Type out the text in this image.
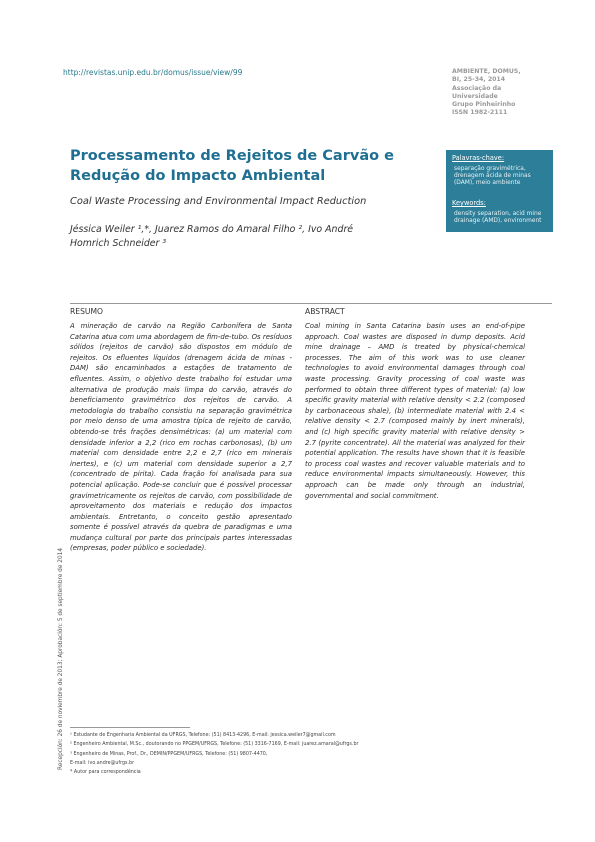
http://revistas.unip.edu.br/domus/issue/view/99	AMBIENTE, DOMUS,
BI, 25-34, 2014
Associação da
Universidade
Grupo Pinheirinho
ISSN 1982-2111
Processamento de Rejeitos de Carvão e Redução do Impacto Ambiental
Coal Waste Processing and Environmental Impact Reduction
Jéssica Weiler ¹,*, Juarez Ramos do Amaral Filho ², Ivo André Homrich Schneider ³
Palavras-chave:
separação gravimétrica, drenagem ácida de minas (DAM), meio ambiente
Keywords:
density separation, acid mine drainage (AMD), environment
RESUMO	ABSTRACT
A mineração de carvão na Região Carbonífera de Santa Catarina atua com uma abordagem de fim-de-tubo. Os resíduos sólidos (rejeitos de carvão) são dispostos em módulo de rejeitos. Os efluentes líquidos (drenagem ácida de minas - DAM) são encaminhados a estações de tratamento de efluentes. Assim, o objetivo deste trabalho foi estudar uma alternativa de produção mais limpa do carvão, através do beneficiamento gravimétrico dos rejeitos de carvão. A metodologia do trabalho consistiu na separação gravimétrica por meio denso de uma amostra típica de rejeito de carvão, obtendo-se três frações densimétricas: (a) um material com densidade inferior a 2,2 (rico em rochas carbonosas), (b) um material com densidade entre 2,2 e 2,7 (rico em minerais inertes), e (c) um material com densidade superior a 2,7 (concentrado de pirita). Cada fração foi analisada para sua potencial aplicação. Pode-se concluir que é possível processar gravimetricamente os rejeitos de carvão, com possibilidade de aproveitamento dos materiais e redução dos impactos ambientais. Entretanto, o conceito gestão apresentado somente é possível através da quebra de paradigmas e uma mudança cultural por parte dos principais partes interessadas (empresas, poder público e sociedade).
Coal mining in Santa Catarina basin uses an end-of-pipe approach. Coal wastes are disposed in dump deposits. Acid mine drainage – AMD is treated by physical-chemical processes. The aim of this work was to use cleaner technologies to avoid environmental damages through coal waste processing. Gravity processing of coal waste was performed to obtain three different types of material: (a) low specific gravity material with relative density < 2.2 (composed by carbonaceous shale), (b) intermediate material with 2.4 < relative density < 2.7 (composed mainly by inert minerals), and (c) high specific gravity material with relative density > 2.7 (pyrite concentrate). All the material was analyzed for their potential application. The results have shown that it is feasible to process coal wastes and recover valuable materials and to reduce environmental impacts simultaneously. However, this approach can be made only through an industrial, governmental and social commitment.
Recepción: 26 de noviembre de 2013; Aprobación: 5 de septiembre de 2014 ¹ Estudante de Engenharia Ambiental da UFRGS, Telefone: (51) 8413-4296, E-mail: jessica.weiler7@gmail.com
² Engenheiro Ambiental, M.Sc., doutorando no PPGEM/UFRGS, Telefone: (51) 3316-7169, E-mail: juarez.amaral@ufrgs.br
³ Engenheiro de Minas, Prof., Dr., DEMIN/PPGEM/UFRGS, Telefone: (51) 9807-4470,
E-mail: ivo.andre@ufrgs.br
* Autor para correspondência
